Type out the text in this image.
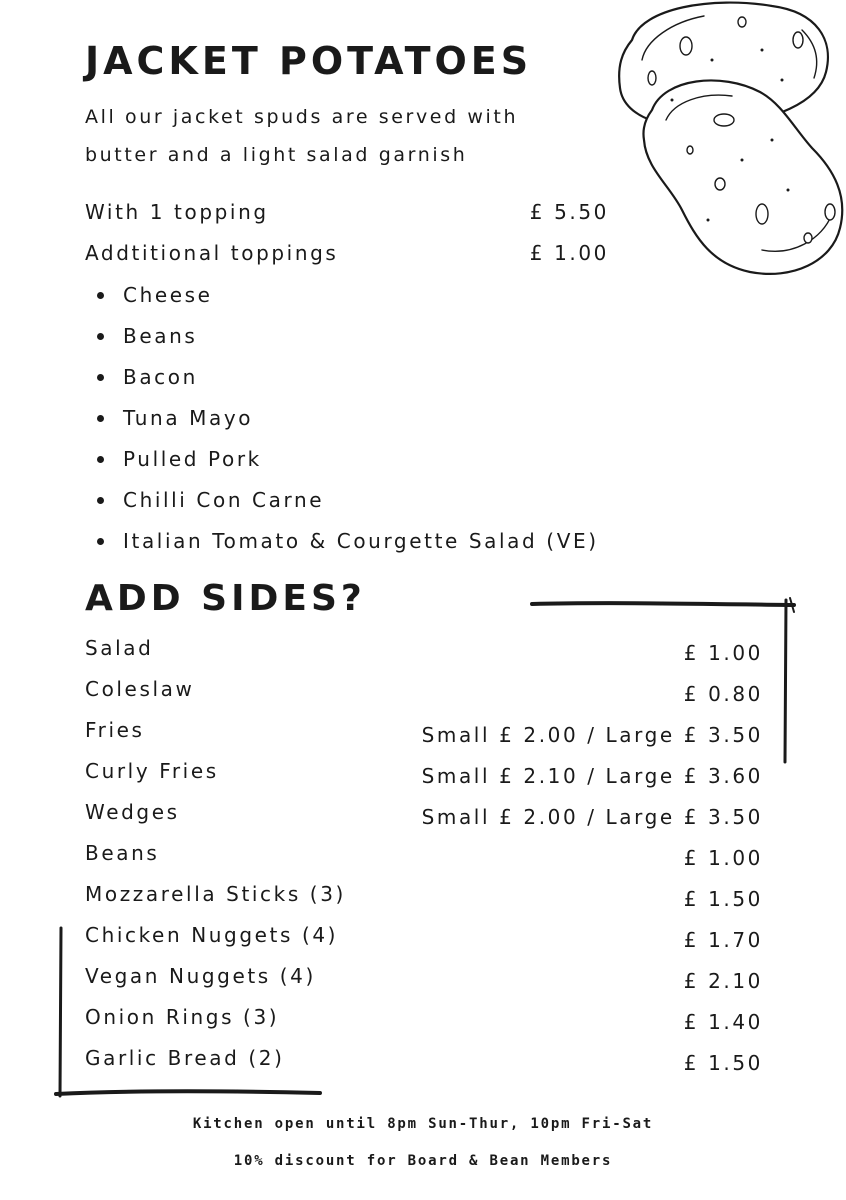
JACKET POTATOES

All our jacket spuds are served with
butter and a light salad garnish

With 1 topping	£ 5.50
Addtitional toppings	£ 1.00
Cheese
Beans
Bacon
Tuna Mayo
Pulled Pork
Chilli Con Carne
Italian Tomato & Courgette Salad (VE)
ADD SIDES?
Salad	£ 1.00
Coleslaw	£ 0.80
Fries	Small £ 2.00 / Large £ 3.50
Curly Fries	Small £ 2.10 / Large £ 3.60
Wedges	Small £ 2.00 / Large £ 3.50
Beans	£ 1.00
Mozzarella Sticks (3)	£ 1.50
Chicken Nuggets (4)	£ 1.70
Vegan Nuggets (4)	£ 2.10
Onion Rings (3)	£ 1.40
Garlic Bread (2)	£ 1.50
Kitchen open until 8pm Sun-Thur, 10pm Fri-Sat
10% discount for Board & Bean Members
